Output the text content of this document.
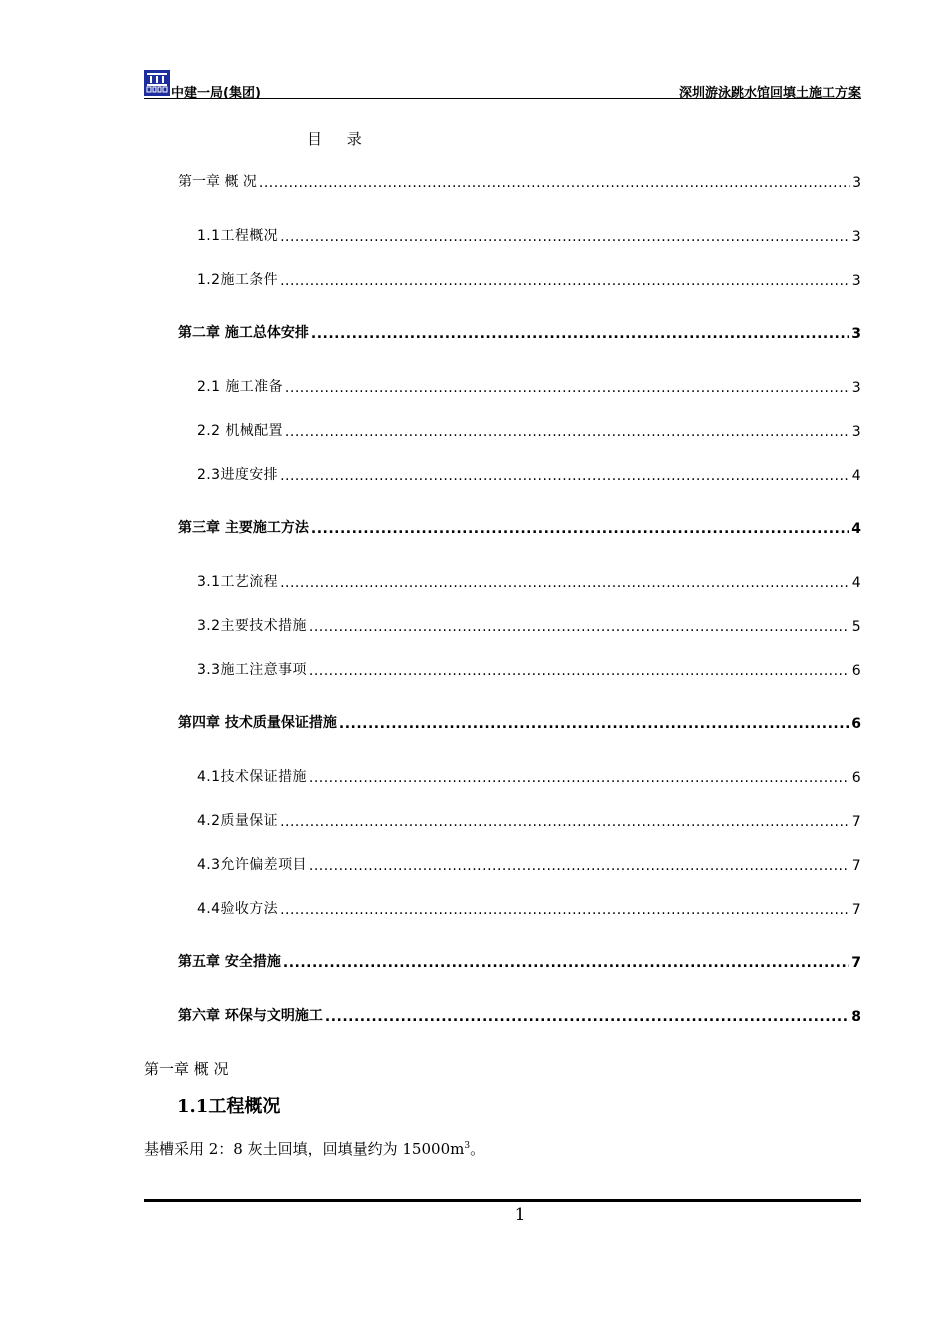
中建一局(集团)	深圳游泳跳水馆回填土施工方案
目 录
第一章 概 况 .....	3
1.1工程概况 .....	3
1.2施工条件 .....	3
第二章 施工总体安排 .....	3
2.1 施工准备 .....	3
2.2 机械配置 .....	3
2.3进度安排 .....	4
第三章 主要施工方法 .....	4
3.1工艺流程 .....	4
3.2主要技术措施 .....	5
3.3施工注意事项 .....	6
第四章 技术质量保证措施 .....	6
4.1技术保证措施 .....	6
4.2质量保证 .....	7
4.3允许偏差项目 .....	7
4.4验收方法 .....	7
第五章 安全措施 .....	7
第六章 环保与文明施工 .....	8
第一章 概 况
1.1工程概况
基槽采用 2：8 灰土回填，回填量约为 $15000m^3$。
1
